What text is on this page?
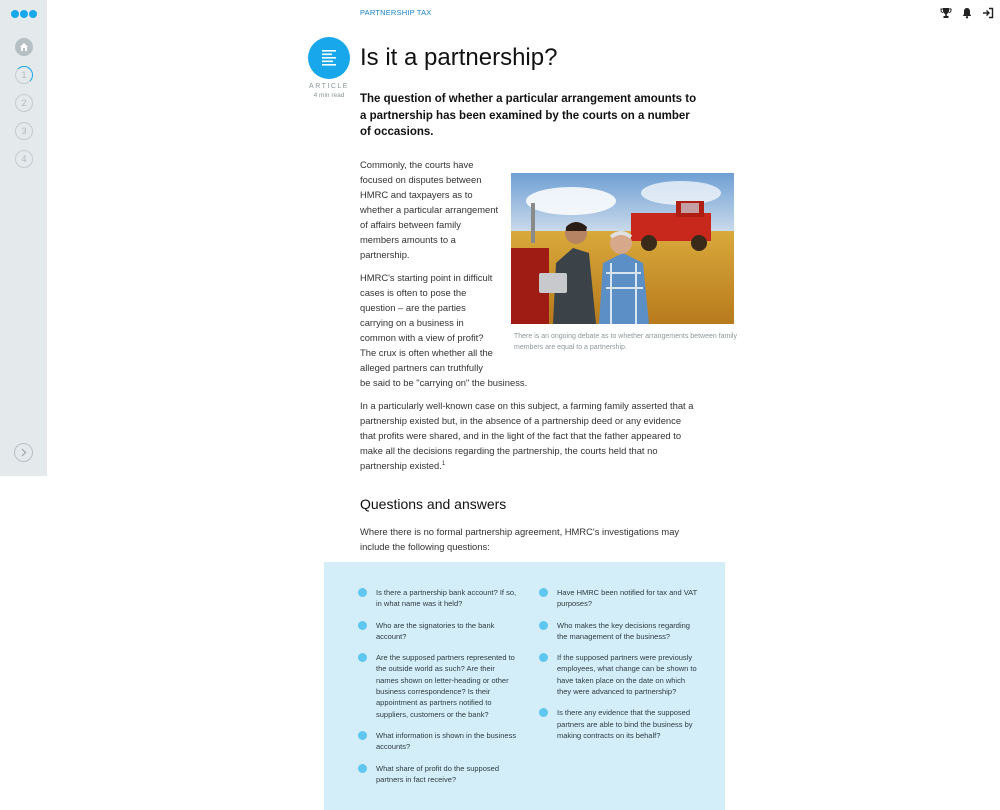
1
2
3
4
PARTNERSHIP TAX
ARTICLE
4 min read
Is it a partnership?

The question of whether a particular arrangement amounts to a partnership has been examined by the courts on a number of occasions.

Commonly, the courts have focused on disputes between HMRC and taxpayers as to whether a particular arrangement of affairs between family members amounts to a partnership.

There is an ongoing debate as to whether arrangements between family members are equal to a partnership.

HMRC's starting point in difficult cases is often to pose the question – are the parties carrying on a business in common with a view of profit? The crux is often whether all the alleged partners can truthfully
be said to be "carrying on" the business.

In a particularly well-known case on this subject, a farming family asserted that a partnership existed but, in the absence of a partnership deed or any evidence that profits were shared, and in the light of the fact that the father appeared to make all the decisions regarding the partnership, the courts held that no partnership existed.$^1$

Questions and answers

Where there is no formal partnership agreement, HMRC's investigations may include the following questions:

Is there a partnership bank account? If so, in what name was it held?
Who are the signatories to the bank account?
Are the supposed partners represented to the outside world as such? Are their names shown on letter-heading or other business correspondence? Is their appointment as partners notified to suppliers, customers or the bank?
What information is shown in the business accounts?
What share of profit do the supposed partners in fact receive?
Have HMRC been notified for tax and VAT purposes?
Who makes the key decisions regarding the management of the business?
If the supposed partners were previously employees, what change can be shown to have taken place on the date on which they were advanced to partnership?
Is there any evidence that the supposed partners are able to bind the business by making contracts on its behalf?
